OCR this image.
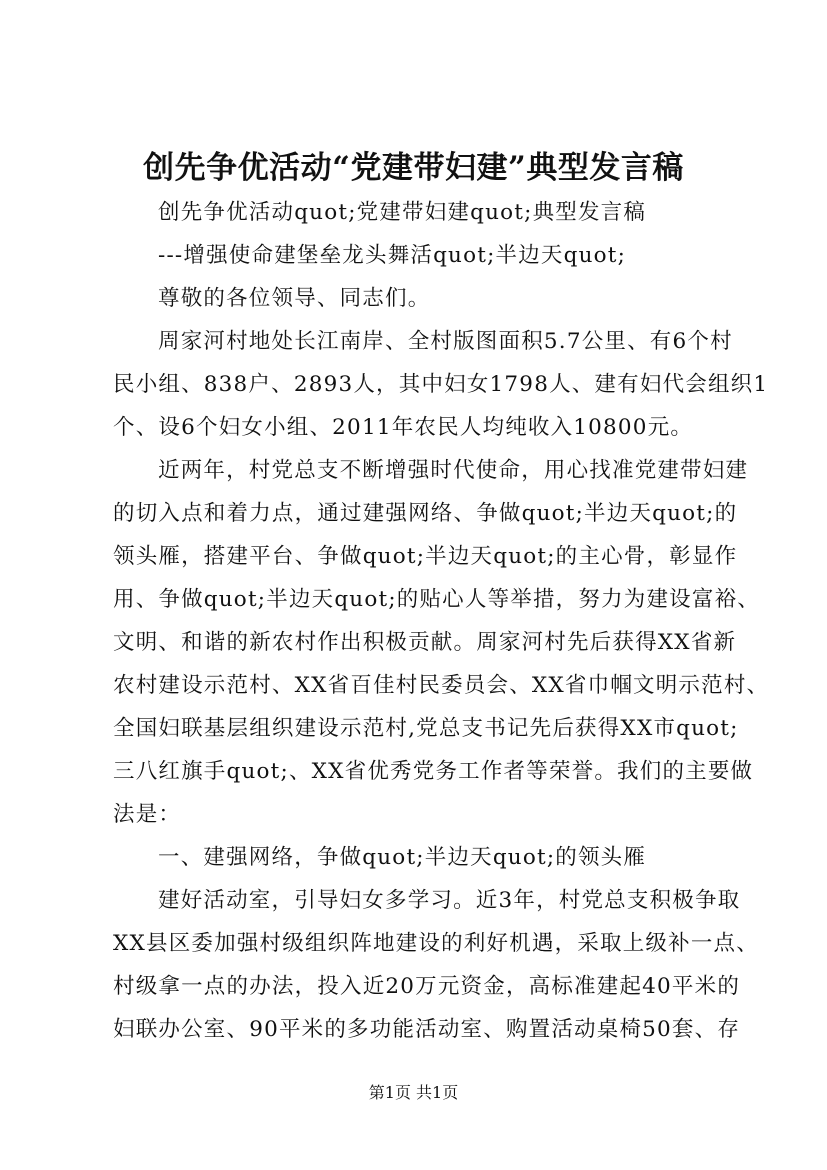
创先争优活动“党建带妇建”典型发言稿
创先争优活动quot;党建带妇建quot;典型发言稿
---增强使命建堡垒龙头舞活quot;半边天quot;
尊敬的各位领导、同志们。
周家河村地处长江南岸、全村版图面积5.7公里、有6个村
民小组、838户、2893人，其中妇女1798人、建有妇代会组织1
个、设6个妇女小组、2011年农民人均纯收入10800元。
近两年，村党总支不断增强时代使命，用心找准党建带妇建
的切入点和着力点，通过建强网络、争做quot;半边天quot;的
领头雁，搭建平台、争做quot;半边天quot;的主心骨，彰显作
用、争做quot;半边天quot;的贴心人等举措，努力为建设富裕、
文明、和谐的新农村作出积极贡献。周家河村先后获得XX省新
农村建设示范村、XX省百佳村民委员会、XX省巾帼文明示范村、
全国妇联基层组织建设示范村,党总支书记先后获得XX市quot;
三八红旗手quot;、XX省优秀党务工作者等荣誉。我们的主要做
法是：
一、建强网络，争做quot;半边天quot;的领头雁
建好活动室，引导妇女多学习。近3年，村党总支积极争取
XX县区委加强村级组织阵地建设的利好机遇，采取上级补一点、
村级拿一点的办法，投入近20万元资金，高标准建起40平米的
妇联办公室、90平米的多功能活动室、购置活动桌椅50套、存
第1页 共1页
